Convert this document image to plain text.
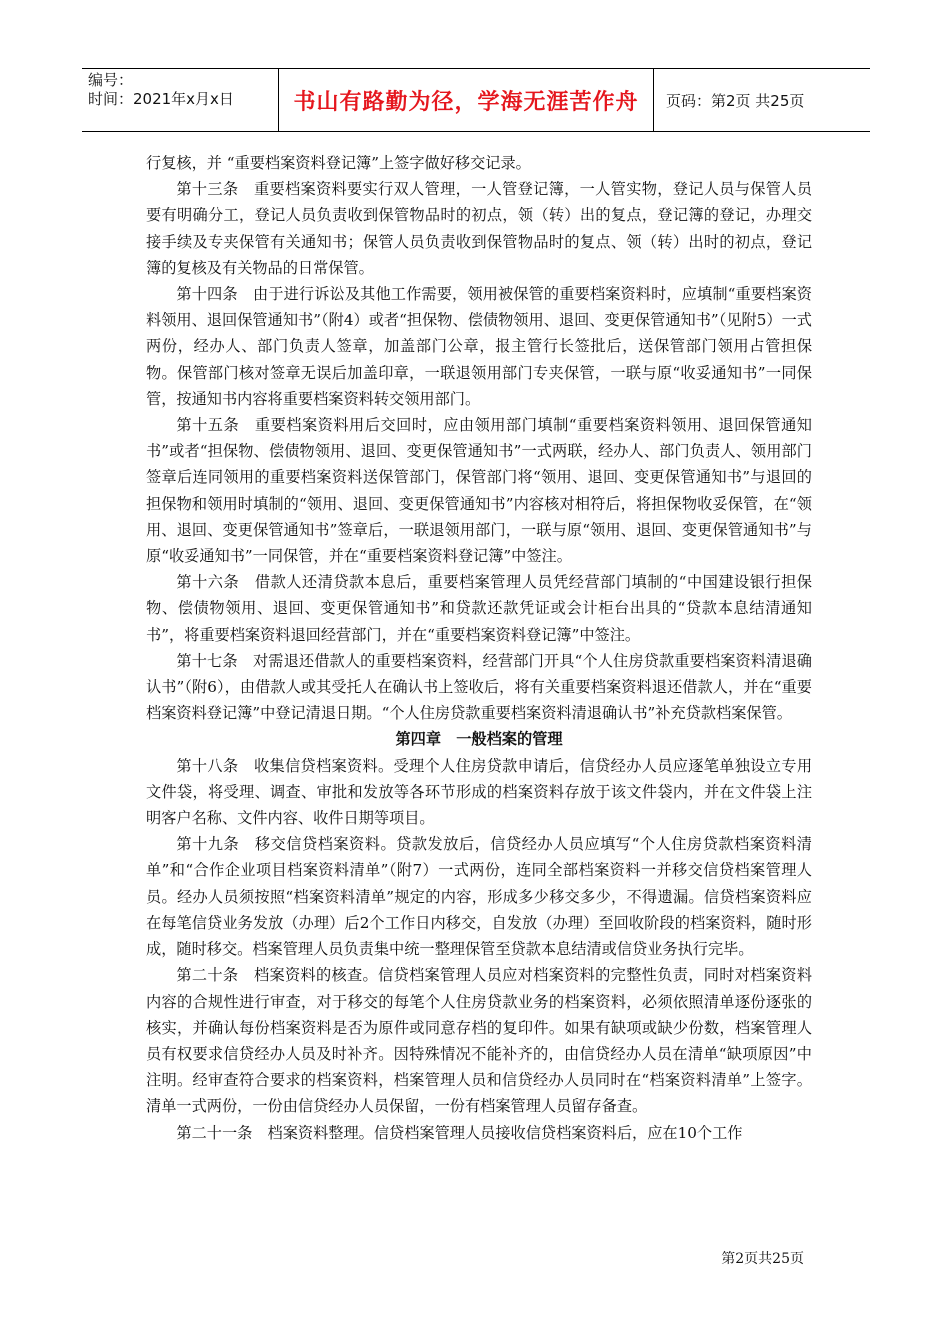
编号：
时间：2021年x月x日	书山有路勤为径，学海无涯苦作舟	页码：第2页 共25页

行复核，并 “重要档案资料登记簿”上签字做好移交记录。

第十三条　重要档案资料要实行双人管理，一人管登记簿，一人管实物，登记人员与保管人员要有明确分工，登记人员负责收到保管物品时的初点，领（转）出的复点，登记簿的登记，办理交接手续及专夹保管有关通知书；保管人员负责收到保管物品时的复点、领（转）出时的初点，登记簿的复核及有关物品的日常保管。

第十四条　由于进行诉讼及其他工作需要，领用被保管的重要档案资料时，应填制“重要档案资料领用、退回保管通知书”（附4）或者“担保物、偿债物领用、退回、变更保管通知书”（见附5）一式两份，经办人、部门负责人签章，加盖部门公章，报主管行长签批后，送保管部门领用占管担保物。保管部门核对签章无误后加盖印章，一联退领用部门专夹保管，一联与原“收妥通知书”一同保管，按通知书内容将重要档案资料转交领用部门。

第十五条　重要档案资料用后交回时，应由领用部门填制“重要档案资料领用、退回保管通知书”或者“担保物、偿债物领用、退回、变更保管通知书”一式两联，经办人、部门负责人、领用部门签章后连同领用的重要档案资料送保管部门，保管部门将“领用、退回、变更保管通知书”与退回的担保物和领用时填制的“领用、退回、变更保管通知书”内容核对相符后，将担保物收妥保管，在“领用、退回、变更保管通知书”签章后，一联退领用部门，一联与原“领用、退回、变更保管通知书”与原“收妥通知书”一同保管，并在“重要档案资料登记簿”中签注。

第十六条　借款人还清贷款本息后，重要档案管理人员凭经营部门填制的“中国建设银行担保物、偿债物领用、退回、变更保管通知书”和贷款还款凭证或会计柜台出具的“贷款本息结清通知书”，将重要档案资料退回经营部门，并在“重要档案资料登记簿”中签注。

第十七条　对需退还借款人的重要档案资料，经营部门开具“个人住房贷款重要档案资料清退确认书”（附6），由借款人或其受托人在确认书上签收后，将有关重要档案资料退还借款人，并在“重要档案资料登记簿”中登记清退日期。“个人住房贷款重要档案资料清退确认书”补充贷款档案保管。

第四章　一般档案的管理

第十八条　收集信贷档案资料。受理个人住房贷款申请后，信贷经办人员应逐笔单独设立专用文件袋，将受理、调查、审批和发放等各环节形成的档案资料存放于该文件袋内，并在文件袋上注明客户名称、文件内容、收件日期等项目。

第十九条　移交信贷档案资料。贷款发放后，信贷经办人员应填写“个人住房贷款档案资料清单”和“合作企业项目档案资料清单”（附7）一式两份，连同全部档案资料一并移交信贷档案管理人员。经办人员须按照“档案资料清单”规定的内容，形成多少移交多少，不得遗漏。信贷档案资料应在每笔信贷业务发放（办理）后2个工作日内移交，自发放（办理）至回收阶段的档案资料，随时形成，随时移交。档案管理人员负责集中统一整理保管至贷款本息结清或信贷业务执行完毕。

第二十条　档案资料的核查。信贷档案管理人员应对档案资料的完整性负责，同时对档案资料内容的合规性进行审查，对于移交的每笔个人住房贷款业务的档案资料，必须依照清单逐份逐张的核实，并确认每份档案资料是否为原件或同意存档的复印件。如果有缺项或缺少份数，档案管理人员有权要求信贷经办人员及时补齐。因特殊情况不能补齐的，由信贷经办人员在清单“缺项原因”中注明。经审查符合要求的档案资料，档案管理人员和信贷经办人员同时在“档案资料清单”上签字。清单一式两份，一份由信贷经办人员保留，一份有档案管理人员留存备查。

第二十一条　档案资料整理。信贷档案管理人员接收信贷档案资料后，应在10个工作

第2页共25页
